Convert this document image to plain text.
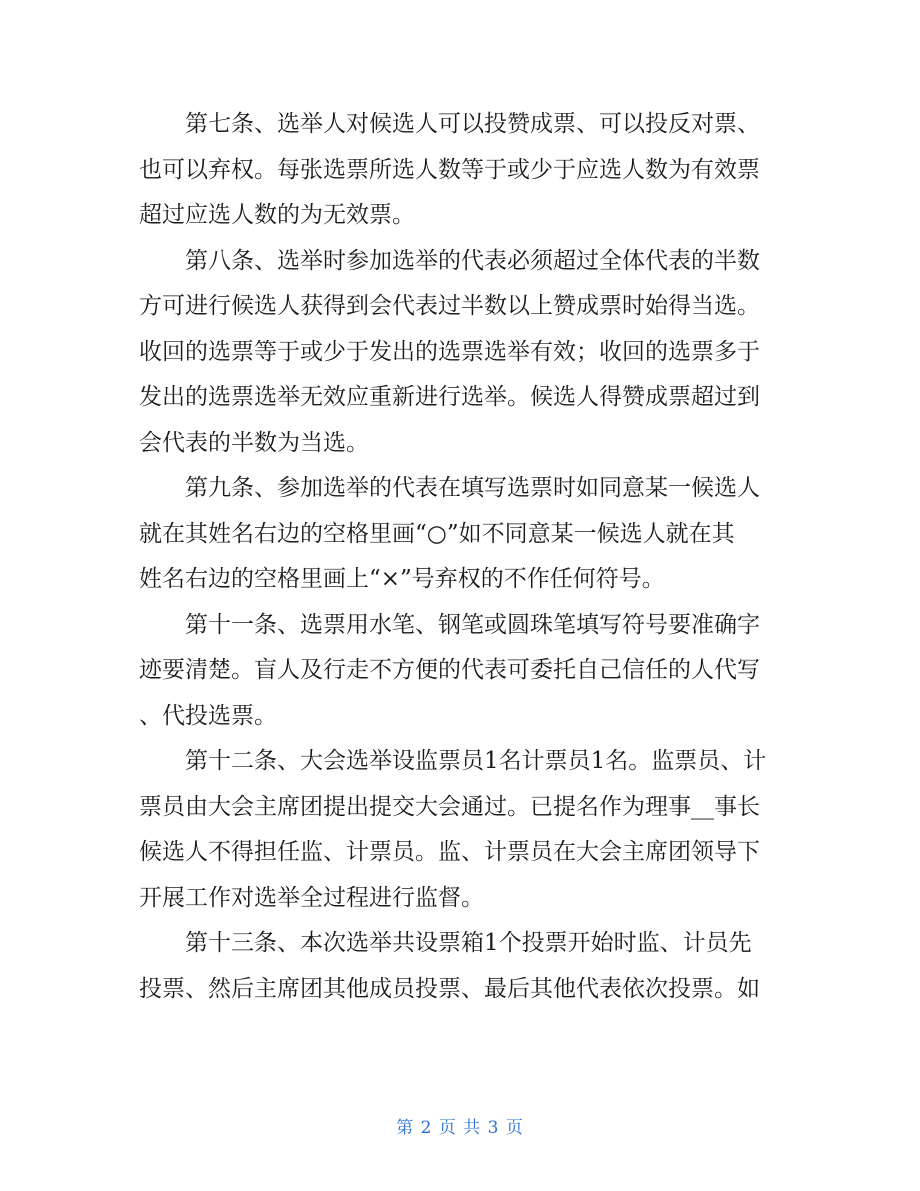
第七条、选举人对候选人可以投赞成票、可以投反对票、
也可以弃权。每张选票所选人数等于或少于应选人数为有效票
超过应选人数的为无效票。
第八条、选举时参加选举的代表必须超过全体代表的半数
方可进行候选人获得到会代表过半数以上赞成票时始得当选。
收回的选票等于或少于发出的选票选举有效；收回的选票多于
发出的选票选举无效应重新进行选举。候选人得赞成票超过到
会代表的半数为当选。
第九条、参加选举的代表在填写选票时如同意某一候选人
就在其姓名右边的空格里画“○”如不同意某一候选人就在其
姓名右边的空格里画上“×”号弃权的不作任何符号。
第十一条、选票用水笔、钢笔或圆珠笔填写符号要准确字
迹要清楚。盲人及行走不方便的代表可委托自己信任的人代写
、代投选票。
第十二条、大会选举设监票员1名计票员1名。监票员、计
票员由大会主席团提出提交大会通过。已提名作为理事__事长
候选人不得担任监、计票员。监、计票员在大会主席团领导下
开展工作对选举全过程进行监督。
第十三条、本次选举共设票箱1个投票开始时监、计员先
投票、然后主席团其他成员投票、最后其他代表依次投票。如
第 2 页 共 3 页
